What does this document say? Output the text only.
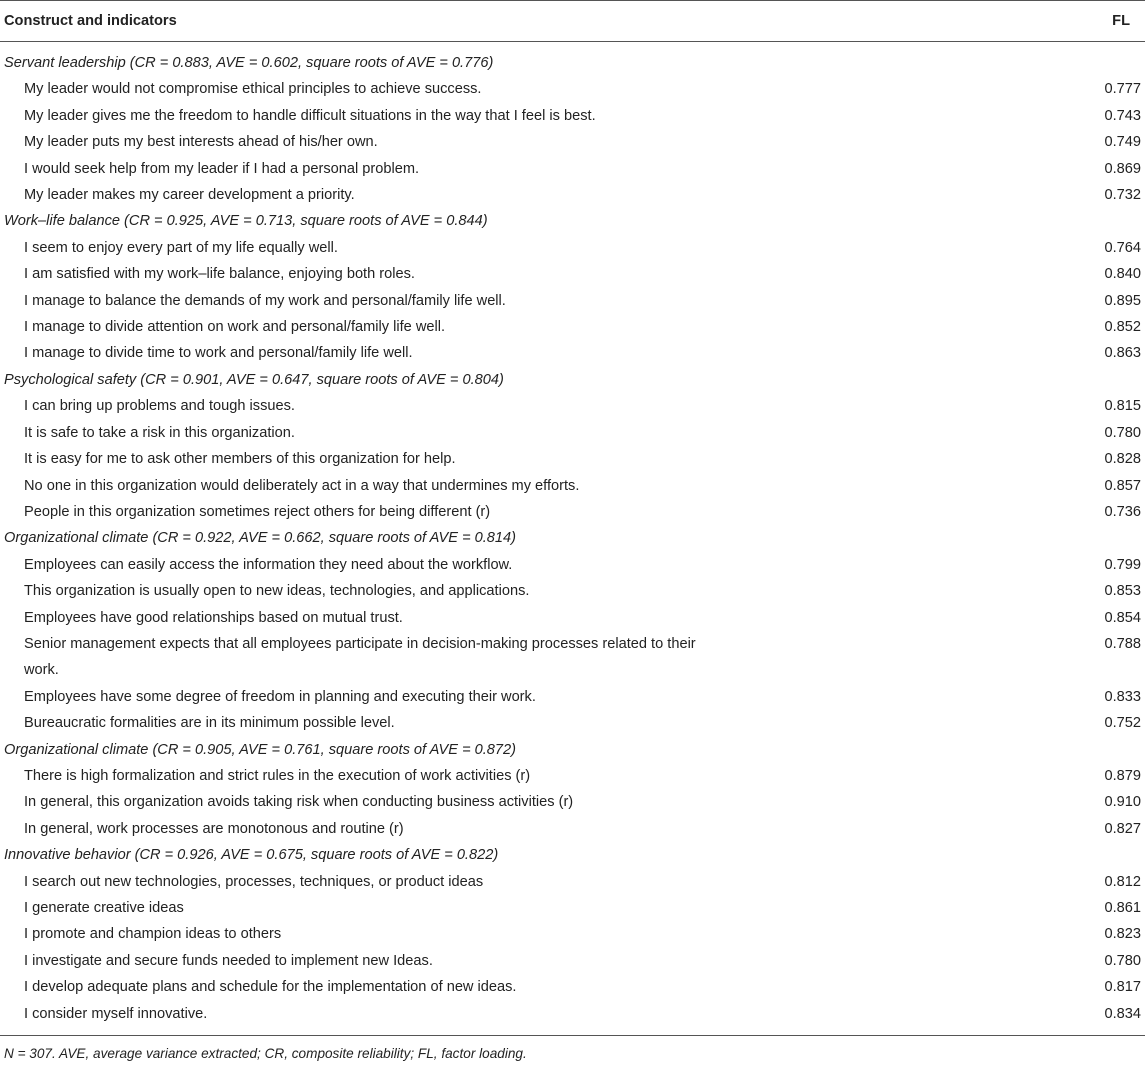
Construct and indicators	FL
Servant leadership (CR = 0.883, AVE = 0.602, square roots of AVE = 0.776)	
My leader would not compromise ethical principles to achieve success.	0.777
My leader gives me the freedom to handle difficult situations in the way that I feel is best.	0.743
My leader puts my best interests ahead of his/her own.	0.749
I would seek help from my leader if I had a personal problem.	0.869
My leader makes my career development a priority.	0.732
Work–life balance (CR = 0.925, AVE = 0.713, square roots of AVE = 0.844)	
I seem to enjoy every part of my life equally well.	0.764
I am satisfied with my work–life balance, enjoying both roles.	0.840
I manage to balance the demands of my work and personal/family life well.	0.895
I manage to divide attention on work and personal/family life well.	0.852
I manage to divide time to work and personal/family life well.	0.863
Psychological safety (CR = 0.901, AVE = 0.647, square roots of AVE = 0.804)	
I can bring up problems and tough issues.	0.815
It is safe to take a risk in this organization.	0.780
It is easy for me to ask other members of this organization for help.	0.828
No one in this organization would deliberately act in a way that undermines my efforts.	0.857
People in this organization sometimes reject others for being different (r)	0.736
Organizational climate (CR = 0.922, AVE = 0.662, square roots of AVE = 0.814)	
Employees can easily access the information they need about the workflow.	0.799
This organization is usually open to new ideas, technologies, and applications.	0.853
Employees have good relationships based on mutual trust.	0.854

Senior management expects that all employees participate in decision-making processes related to their
work.	0.788
Employees have some degree of freedom in planning and executing their work.	0.833
Bureaucratic formalities are in its minimum possible level.	0.752
Organizational climate (CR = 0.905, AVE = 0.761, square roots of AVE = 0.872)	
There is high formalization and strict rules in the execution of work activities (r)	0.879
In general, this organization avoids taking risk when conducting business activities (r)	0.910
In general, work processes are monotonous and routine (r)	0.827
Innovative behavior (CR = 0.926, AVE = 0.675, square roots of AVE = 0.822)	
I search out new technologies, processes, techniques, or product ideas	0.812
I generate creative ideas	0.861
I promote and champion ideas to others	0.823
I investigate and secure funds needed to implement new Ideas.	0.780
I develop adequate plans and schedule for the implementation of new ideas.	0.817
I consider myself innovative.	0.834
N = 307. AVE, average variance extracted; CR, composite reliability; FL, factor loading.	
